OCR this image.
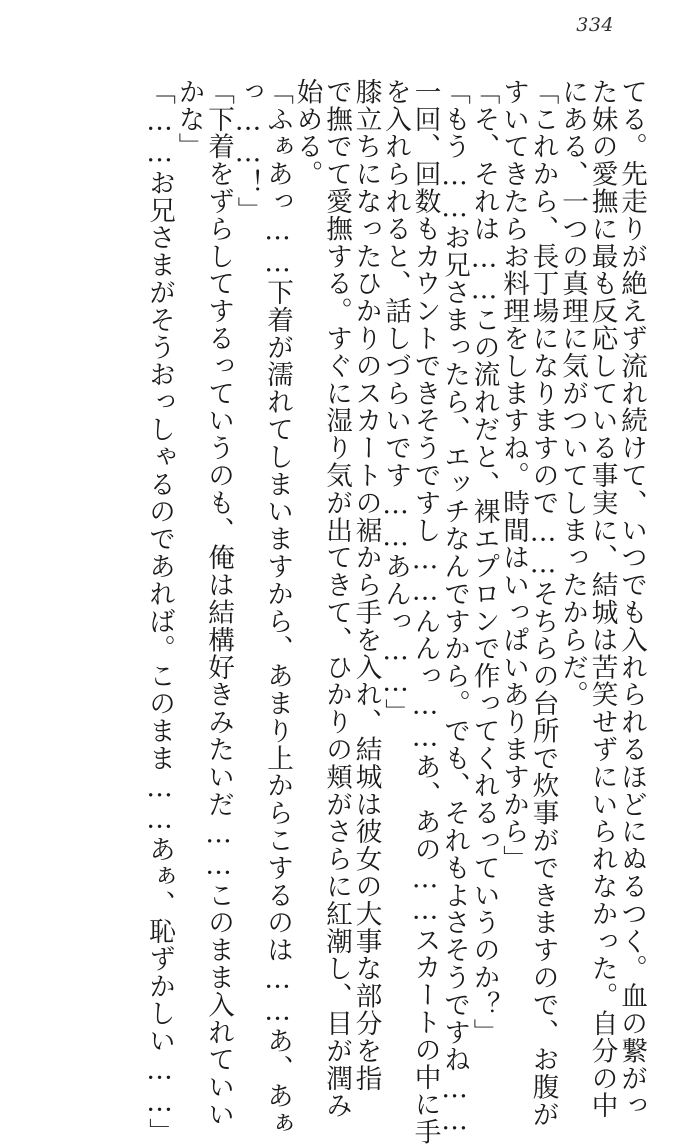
334
てる。先走りが絶えず流れ続けて、いつでも入れられるほどにぬるつく。血の繋がっ
た妹の愛撫に最も反応している事実に、結城は苦笑せずにいられなかった。自分の中
にある、一つの真理に気がついてしまったからだ。
「これから、長丁場になりますので……そちらの台所で炊事ができますので、お腹が
すいてきたらお料理をしますね。時間はいっぱいありますから」
「そ、それは……この流れだと、裸エプロンで作ってくれるっていうのか？」
「もう……お兄さまったら、エッチなんですから。でも、それもよさそうですね……
一回、回数もカウントできそうですし……んんっ……あ、あの……スカートの中に手
を入れられると、話しづらいです……あんっ……」
膝立ちになったひかりのスカートの裾から手を入れ、結城は彼女の大事な部分を指
で撫でて愛撫する。すぐに湿り気が出てきて、ひかりの頬がさらに紅潮し、目が潤み
始める。
「ふぁあっ……下着が濡れてしまいますから、あまり上からこするのは……あ、あぁ
っ……！」
「下着をずらしてするっていうのも、俺は結構好きみたいだ……このまま入れていい
かな」
「……お兄さまがそうおっしゃるのであれば。このまま……あぁ、恥ずかしい……」
